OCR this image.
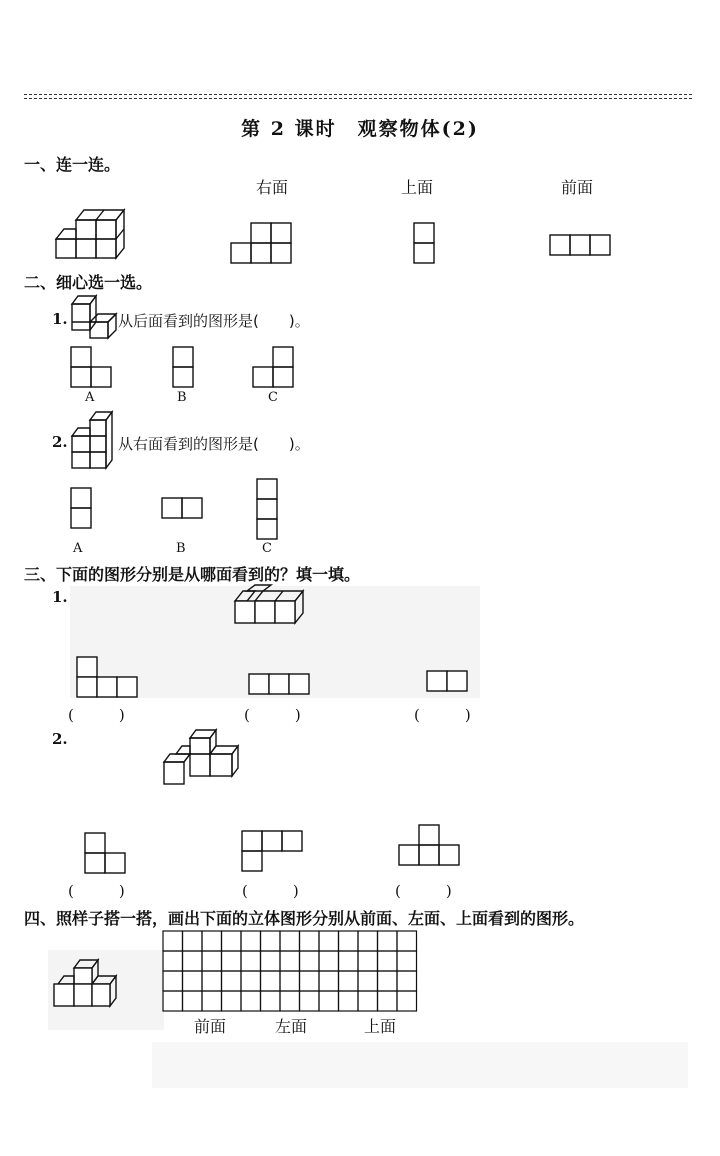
第 2 课时　观察物体(2)
一、连一连。
右面	上面	前面
二、细心选一选。
1.	从后面看到的图形是(　　)。
A	B	C
2.	从右面看到的图形是(　　)。
A	B	C
三、下面的图形分别是从哪面看到的？填一填。
1.
(　　　)	(　　　)	(　　　)
2.
(　　　)	(　　　)	(　　　)
四、照样子搭一搭，画出下面的立体图形分别从前面、左面、上面看到的图形。
前面	左面	上面
